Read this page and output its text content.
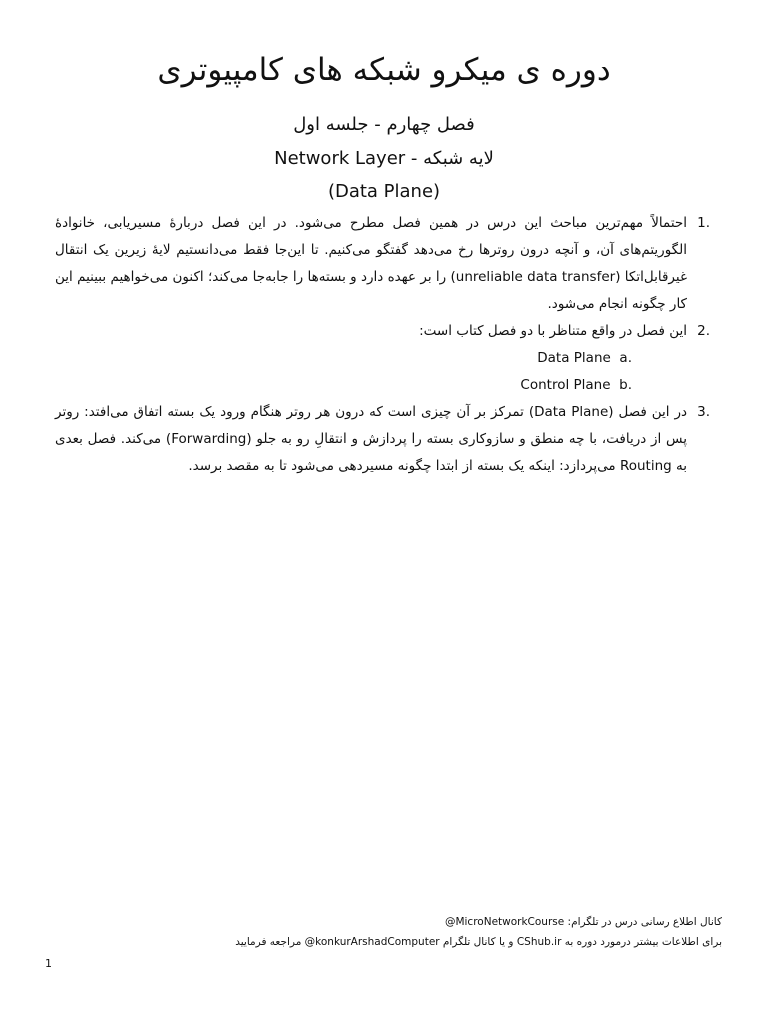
دوره ی میکرو شبکه های کامپیوتری

فصل چهارم - جلسه اول

لایه شبکه - Network Layer

(Data Plane)

1.
احتمالاً مهم‌ترین مباحث این درس در همین فصل مطرح می‌شود. در این فصل دربارهٔ مسیریابی، خانوادهٔ الگوریتم‌های آن، و آنچه درون روترها رخ می‌دهد گفتگو می‌کنیم. تا این‌جا فقط می‌دانستیم لایهٔ زیرین یک انتقال غیرقابل‌اتکا (unreliable data transfer) را بر عهده دارد و بسته‌ها را جابه‌جا می‌کند؛ اکنون می‌خواهیم ببینیم این کار چگونه انجام می‌شود.
2.
این فصل در واقع متناظر با دو فصل کتاب است:
Data Plane a.
Control Plane b.
3.
در این فصل (Data Plane) تمرکز بر آن چیزی است که درون هر روتر هنگام ورود یک بسته اتفاق می‌افتد: روتر پس از دریافت، با چه منطق و سازوکاری بسته را پردازش و انتقالِ رو به جلو (Forwarding) می‌کند. فصل بعدی به Routing می‌پردازد: اینکه یک بسته از ابتدا چگونه مسیردهی می‌شود تا به مقصد برسد.
کانال اطلاع رسانی درس در تلگرام: MicroNetworkCourse@
برای اطلاعات بیشتر درمورد دوره به CShub.ir و یا کانال تلگرام konkurArshadComputer@ مراجعه فرمایید
1
